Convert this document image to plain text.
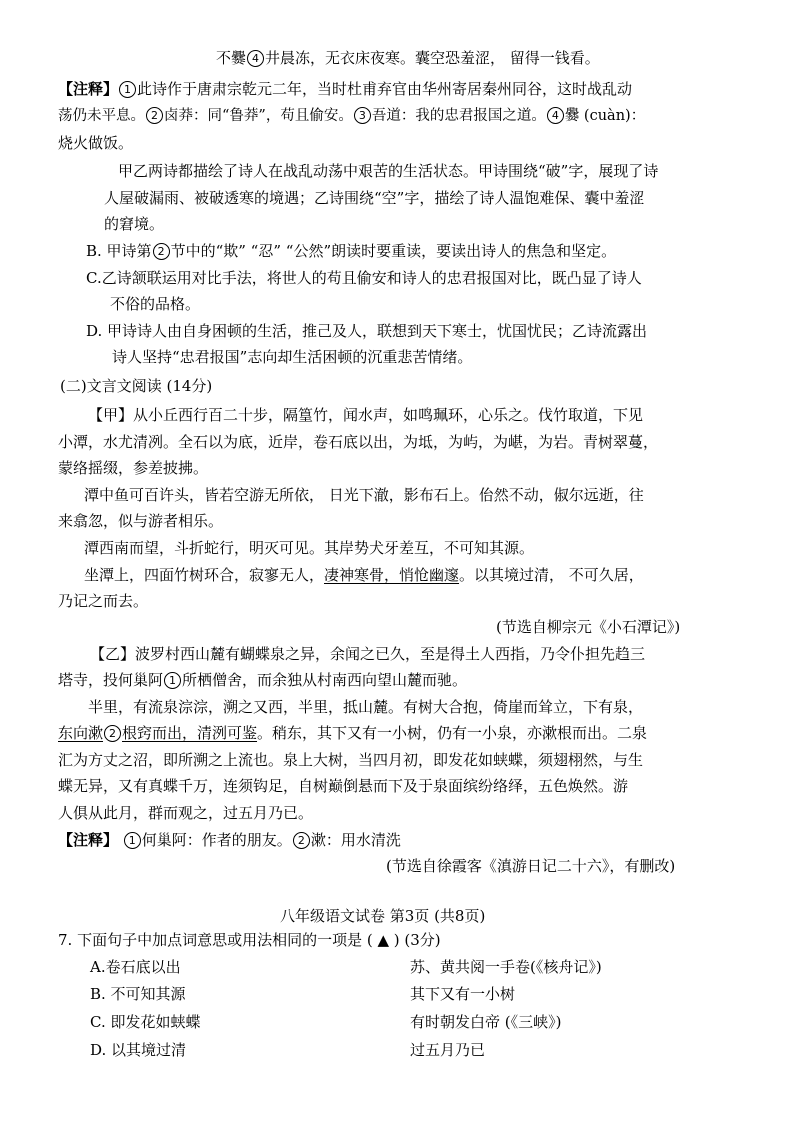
不爨 4 井晨冻，无衣床夜寒。囊空恐羞涩， 留得一钱看。
【注释】 1 此诗作于唐肃宗乾元二年，当时杜甫弃官由华州寄居秦州同谷，这时战乱动
荡仍未平息。 2 卤莽：同“鲁莽”，苟且偷安。 3 吾道：我的忠君报国之道。 4 爨 (cuàn)：
烧火做饭。
甲乙两诗都描绘了诗人在战乱动荡中艰苦的生活状态。甲诗围绕“破”字，展现了诗
人屋破漏雨、被破透寒的境遇；乙诗围绕“空”字，描绘了诗人温饱难保、囊中羞涩
的窘境。
B. 甲诗第 2 节中的“欺” “忍” “公然”朗读时要重读，要读出诗人的焦急和坚定。
C.乙诗颔联运用对比手法，将世人的苟且偷安和诗人的忠君报国对比，既凸显了诗人
不俗的品格。
D. 甲诗诗人由自身困顿的生活，推己及人，联想到天下寒士，忧国忧民；乙诗流露出
诗人坚持“忠君报国”志向却生活困顿的沉重悲苦情绪。
(二)文言文阅读 (14分)
【甲】从小丘西行百二十步，隔篁竹，闻水声，如鸣珮环，心乐之。伐竹取道，下见
小潭，水尤清冽。全石以为底，近岸，卷石底以出，为坻，为屿，为嵁，为岩。青树翠蔓，
蒙络摇缀，参差披拂。
潭中鱼可百许头，皆若空游无所依， 日光下澈，影布石上。佁然不动，俶尔远逝，往
来翕忽，似与游者相乐。
潭西南而望，斗折蛇行，明灭可见。其岸势犬牙差互，不可知其源。
坐潭上，四面竹树环合，寂寥无人，凄神寒骨，悄怆幽邃。以其境过清， 不可久居，
乃记之而去。
(节选自柳宗元《小石潭记》)
【乙】波罗村西山麓有蝴蝶泉之异，余闻之已久，至是得土人西指，乃令仆担先趋三
塔寺，投何巢阿 1 所栖僧舍，而余独从村南西向望山麓而驰。
半里，有流泉淙淙，溯之又西，半里，抵山麓。有树大合抱，倚崖而耸立，下有泉，
东向漱 2 根窍而出，清洌可鉴。稍东，其下又有一小树，仍有一小泉，亦漱根而出。二泉
汇为方丈之沼，即所溯之上流也。泉上大树，当四月初，即发花如蛱蝶，须翅栩然，与生
蝶无异，又有真蝶千万，连须钩足，自树巅倒悬而下及于泉面缤纷络绎，五色焕然。游
人俱从此月，群而观之，过五月乃已。
【注释】 1 何巢阿：作者的朋友。 2 漱：用水清洗
(节选自徐霞客《滇游日记二十六》，有删改)
八年级语文试卷 第3页 (共8页)
7. 下面句子中加点词意思或用法相同的一项是 ( ▲ ) (3分)
A.卷石底以出	苏、黄共阅一手卷(《核舟记》)
B. 不可知其源	其下又有一小树
C. 即发花如蛱蝶	有时朝发白帝 (《三峡》)
D. 以其境过清	过五月乃已
